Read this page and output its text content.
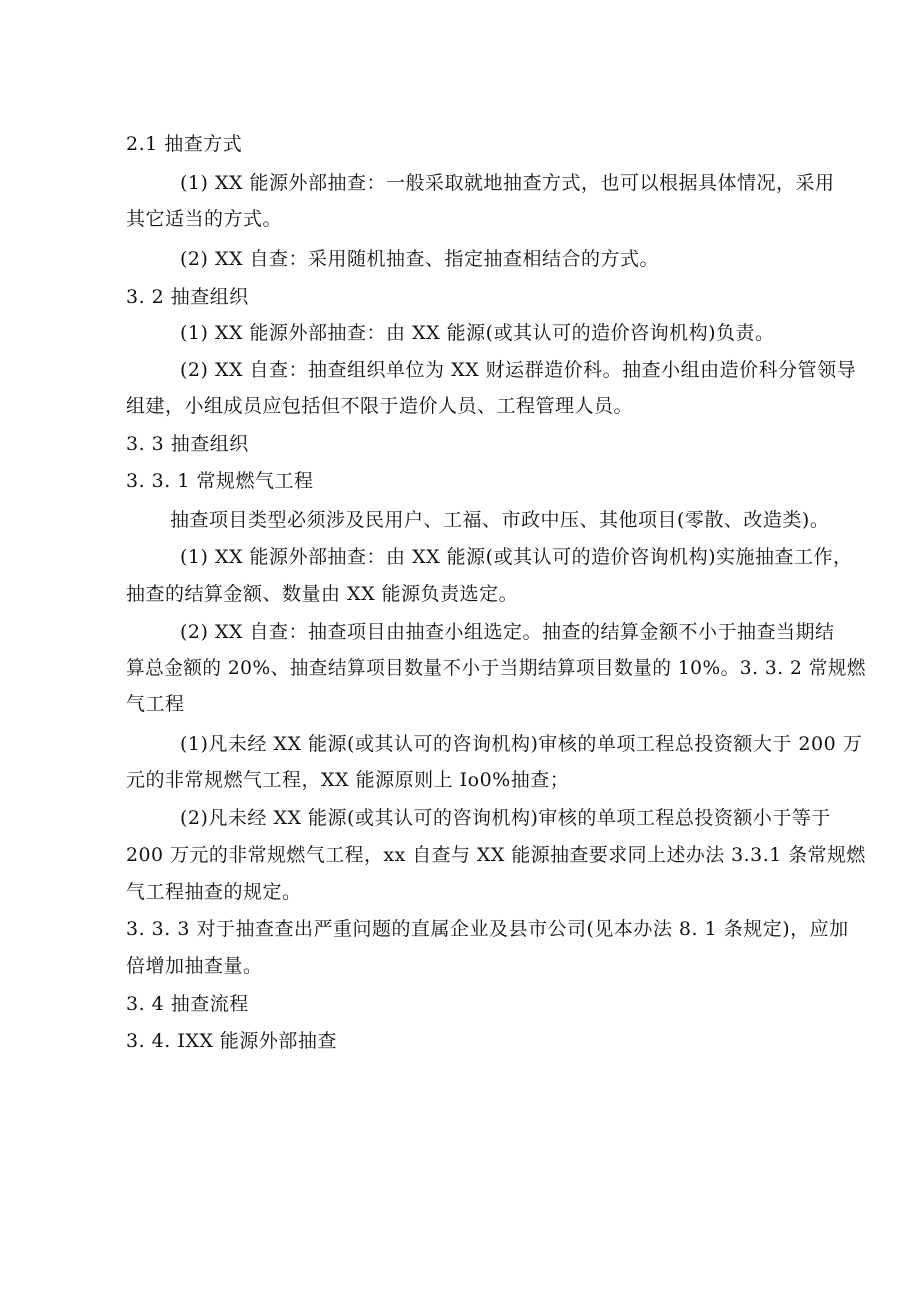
2.1 抽查方式
(1) XX 能源外部抽查：一般采取就地抽查方式，也可以根据具体情况，采用
其它适当的方式。
(2) XX 自查：采用随机抽查、指定抽查相结合的方式。
3. 2 抽查组织
(1) XX 能源外部抽查：由 XX 能源(或其认可的造价咨询机构)负责。
(2) XX 自查：抽查组织单位为 XX 财运群造价科。抽查小组由造价科分管领导
组建，小组成员应包括但不限于造价人员、工程管理人员。
3. 3 抽查组织
3. 3. 1 常规燃气工程
抽查项目类型必须涉及民用户、工福、市政中压、其他项目(零散、改造类)。
(1) XX 能源外部抽查：由 XX 能源(或其认可的造价咨询机构)实施抽查工作，
抽查的结算金额、数量由 XX 能源负责选定。
(2) XX 自查：抽查项目由抽查小组选定。抽查的结算金额不小于抽查当期结
算总金额的 20%、抽查结算项目数量不小于当期结算项目数量的 10%。3. 3. 2 常规燃
气工程
(1)凡未经 XX 能源(或其认可的咨询机构)审核的单项工程总投资额大于 200 万
元的非常规燃气工程，XX 能源原则上 Io0%抽查；
(2)凡未经 XX 能源(或其认可的咨询机构)审核的单项工程总投资额小于等于
200 万元的非常规燃气工程，xx 自查与 XX 能源抽查要求同上述办法 3.3.1 条常规燃
气工程抽查的规定。
3. 3. 3 对于抽查查出严重问题的直属企业及县市公司(见本办法 8. 1 条规定)，应加
倍增加抽查量。
3. 4 抽查流程
3. 4. IXX 能源外部抽查
